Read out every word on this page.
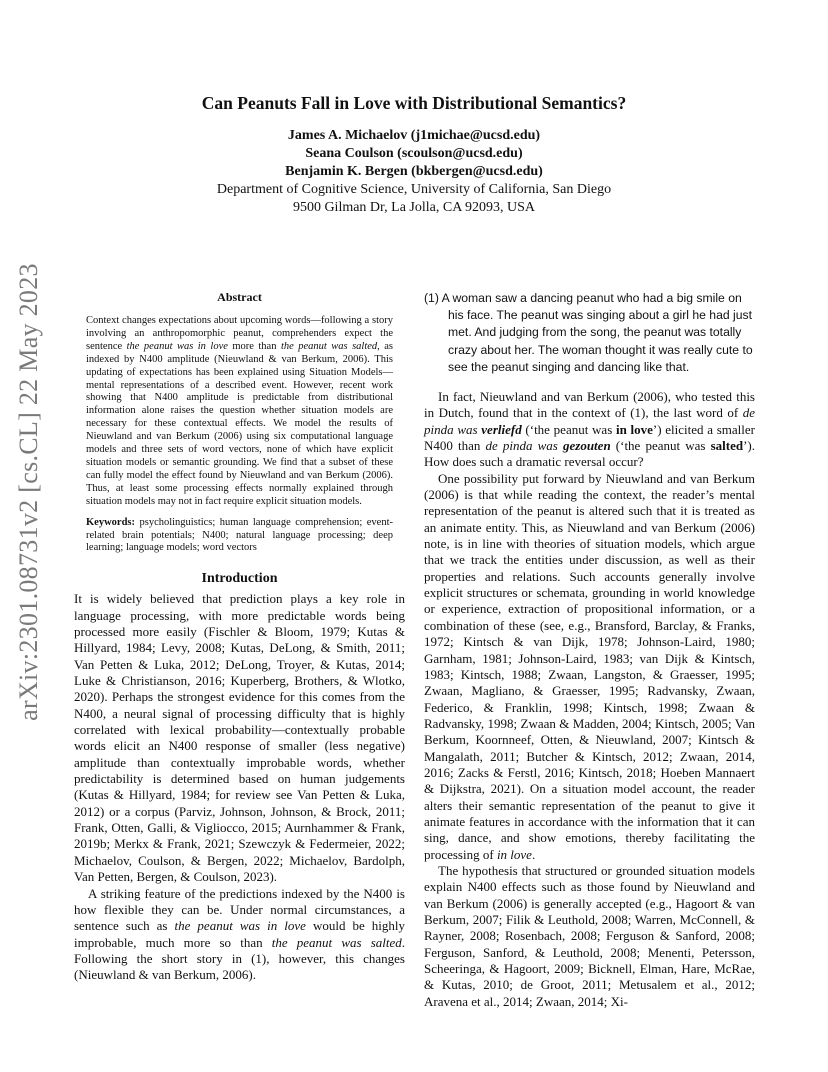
arXiv:2301.08731v2 [cs.CL] 22 May 2023
Can Peanuts Fall in Love with Distributional Semantics?
James A. Michaelov (j1michae@ucsd.edu)
Seana Coulson (scoulson@ucsd.edu)
Benjamin K. Bergen (bkbergen@ucsd.edu)
Department of Cognitive Science, University of California, San Diego
9500 Gilman Dr, La Jolla, CA 92093, USA
Abstract

Context changes expectations about upcoming words—following a story involving an anthropomorphic peanut, comprehenders expect the sentence the peanut was in love more than the peanut was salted, as indexed by N400 amplitude (Nieuwland & van Berkum, 2006). This updating of expectations has been explained using Situation Models—mental representations of a described event. However, recent work showing that N400 amplitude is predictable from distributional information alone raises the question whether situation models are necessary for these contextual effects. We model the results of Nieuwland and van Berkum (2006) using six computational language models and three sets of word vectors, none of which have explicit situation models or semantic grounding. We find that a subset of these can fully model the effect found by Nieuwland and van Berkum (2006). Thus, at least some processing effects normally explained through situation models may not in fact require explicit situation models.

Keywords: psycholinguistics; human language comprehension; event-related brain potentials; N400; natural language processing; deep learning; language models; word vectors

Introduction

It is widely believed that prediction plays a key role in language processing, with more predictable words being processed more easily (Fischler & Bloom, 1979; Kutas & Hillyard, 1984; Levy, 2008; Kutas, DeLong, & Smith, 2011; Van Petten & Luka, 2012; DeLong, Troyer, & Kutas, 2014; Luke & Christianson, 2016; Kuperberg, Brothers, & Wlotko, 2020). Perhaps the strongest evidence for this comes from the N400, a neural signal of processing difficulty that is highly correlated with lexical probability—contextually probable words elicit an N400 response of smaller (less negative) amplitude than contextually improbable words, whether predictability is determined based on human judgements (Kutas & Hillyard, 1984; for review see Van Petten & Luka, 2012) or a corpus (Parviz, Johnson, Johnson, & Brock, 2011; Frank, Otten, Galli, & Vigliocco, 2015; Aurnhammer & Frank, 2019b; Merkx & Frank, 2021; Szewczyk & Federmeier, 2022; Michaelov, Coulson, & Bergen, 2022; Michaelov, Bardolph, Van Petten, Bergen, & Coulson, 2023).

A striking feature of the predictions indexed by the N400 is how flexible they can be. Under normal circumstances, a sentence such as the peanut was in love would be highly improbable, much more so than the peanut was salted. Following the short story in (1), however, this changes (Nieuwland & van Berkum, 2006).

(1) A woman saw a dancing peanut who had a big smile on his face. The peanut was singing about a girl he had just met. And judging from the song, the peanut was totally crazy about her. The woman thought it was really cute to see the peanut singing and dancing like that.

In fact, Nieuwland and van Berkum (2006), who tested this in Dutch, found that in the context of (1), the last word of de pinda was verliefd (‘the peanut was in love’) elicited a smaller N400 than de pinda was gezouten (‘the peanut was salted’). How does such a dramatic reversal occur?

One possibility put forward by Nieuwland and van Berkum (2006) is that while reading the context, the reader’s mental representation of the peanut is altered such that it is treated as an animate entity. This, as Nieuwland and van Berkum (2006) note, is in line with theories of situation models, which argue that we track the entities under discussion, as well as their properties and relations. Such accounts generally involve explicit structures or schemata, grounding in world knowledge or experience, extraction of propositional information, or a combination of these (see, e.g., Bransford, Barclay, & Franks, 1972; Kintsch & van Dijk, 1978; Johnson-Laird, 1980; Garnham, 1981; Johnson-Laird, 1983; van Dijk & Kintsch, 1983; Kintsch, 1988; Zwaan, Langston, & Graesser, 1995; Zwaan, Magliano, & Graesser, 1995; Radvansky, Zwaan, Federico, & Franklin, 1998; Kintsch, 1998; Zwaan & Radvansky, 1998; Zwaan & Madden, 2004; Kintsch, 2005; Van Berkum, Koornneef, Otten, & Nieuwland, 2007; Kintsch & Mangalath, 2011; Butcher & Kintsch, 2012; Zwaan, 2014, 2016; Zacks & Ferstl, 2016; Kintsch, 2018; Hoeben Mannaert & Dijkstra, 2021). On a situation model account, the reader alters their semantic representation of the peanut to give it animate features in accordance with the information that it can sing, dance, and show emotions, thereby facilitating the processing of in love.

The hypothesis that structured or grounded situation models explain N400 effects such as those found by Nieuwland and van Berkum (2006) is generally accepted (e.g., Hagoort & van Berkum, 2007; Filik & Leuthold, 2008; Warren, McConnell, & Rayner, 2008; Rosenbach, 2008; Ferguson & Sanford, 2008; Ferguson, Sanford, & Leuthold, 2008; Menenti, Petersson, Scheeringa, & Hagoort, 2009; Bicknell, Elman, Hare, McRae, & Kutas, 2010; de Groot, 2011; Metusalem et al., 2012; Aravena et al., 2014; Zwaan, 2014; Xi-
